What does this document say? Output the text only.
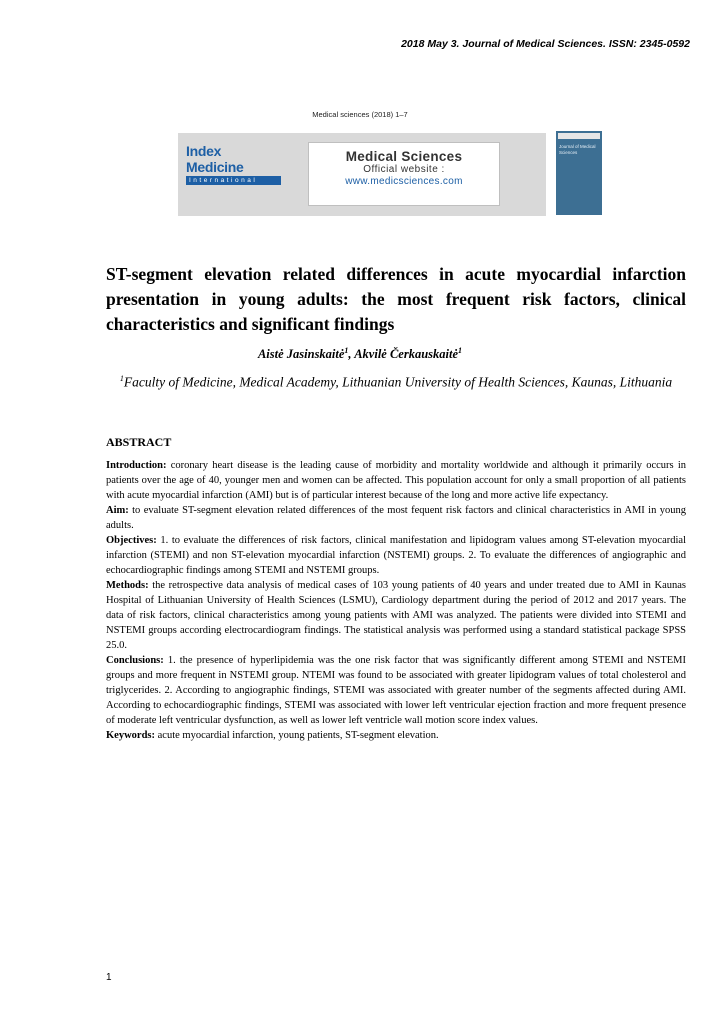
2018 May 3. Journal of Medical Sciences. ISSN: 2345-0592
Medical sciences (2018) 1–7
Index Medicine
International
Medical Sciences
Official website :
www.medicsciences.com
Journal of Medical Sciences
ST-segment elevation related differences in acute myocardial infarction presentation in young adults: the most frequent risk factors, clinical characteristics and significant findings
Aistė Jasinskaitė$^1$, Akvilė Čerkauskaitė$^1$
$^1$Faculty of Medicine, Medical Academy, Lithuanian University of Health Sciences, Kaunas, Lithuania
ABSTRACT

Introduction: coronary heart disease is the leading cause of morbidity and mortality worldwide and although it primarily occurs in patients over the age of 40, younger men and women can be affected. This population account for only a small proportion of all patients with acute myocardial infarction (AMI) but is of particular interest because of the long and more active life expectancy.

Aim: to evaluate ST-segment elevation related differences of the most fequent risk factors and clinical characteristics in AMI in young adults.

Objectives: 1. to evaluate the differences of risk factors, clinical manifestation and lipidogram values among ST-elevation myocardial infarction (STEMI) and non ST-elevation myocardial infarction (NSTEMI) groups. 2. To evaluate the differences of angiographic and echocardiographic findings among STEMI and NSTEMI groups.

Methods: the retrospective data analysis of medical cases of 103 young patients of 40 years and under treated due to AMI in Kaunas Hospital of Lithuanian University of Health Sciences (LSMU), Cardiology department during the period of 2012 and 2017 years. The data of risk factors, clinical characteristics among young patients with AMI was analyzed. The patients were divided into STEMI and NSTEMI groups according electrocardiogram findings. The statistical analysis was performed using a standard statistical package SPSS 25.0.

Conclusions: 1. the presence of hyperlipidemia was the one risk factor that was significantly different among STEMI and NSTEMI groups and more frequent in NSTEMI group. NTEMI was found to be associated with greater lipidogram values of total cholesterol and triglycerides. 2. According to angiographic findings, STEMI was associated with greater number of the segments affected during AMI. According to echocardiographic findings, STEMI was associated with lower left ventricular ejection fraction and more frequent presence of moderate left ventricular dysfunction, as well as lower left ventricle wall motion score index values.

Keywords: acute myocardial infarction, young patients, ST-segment elevation.

1
